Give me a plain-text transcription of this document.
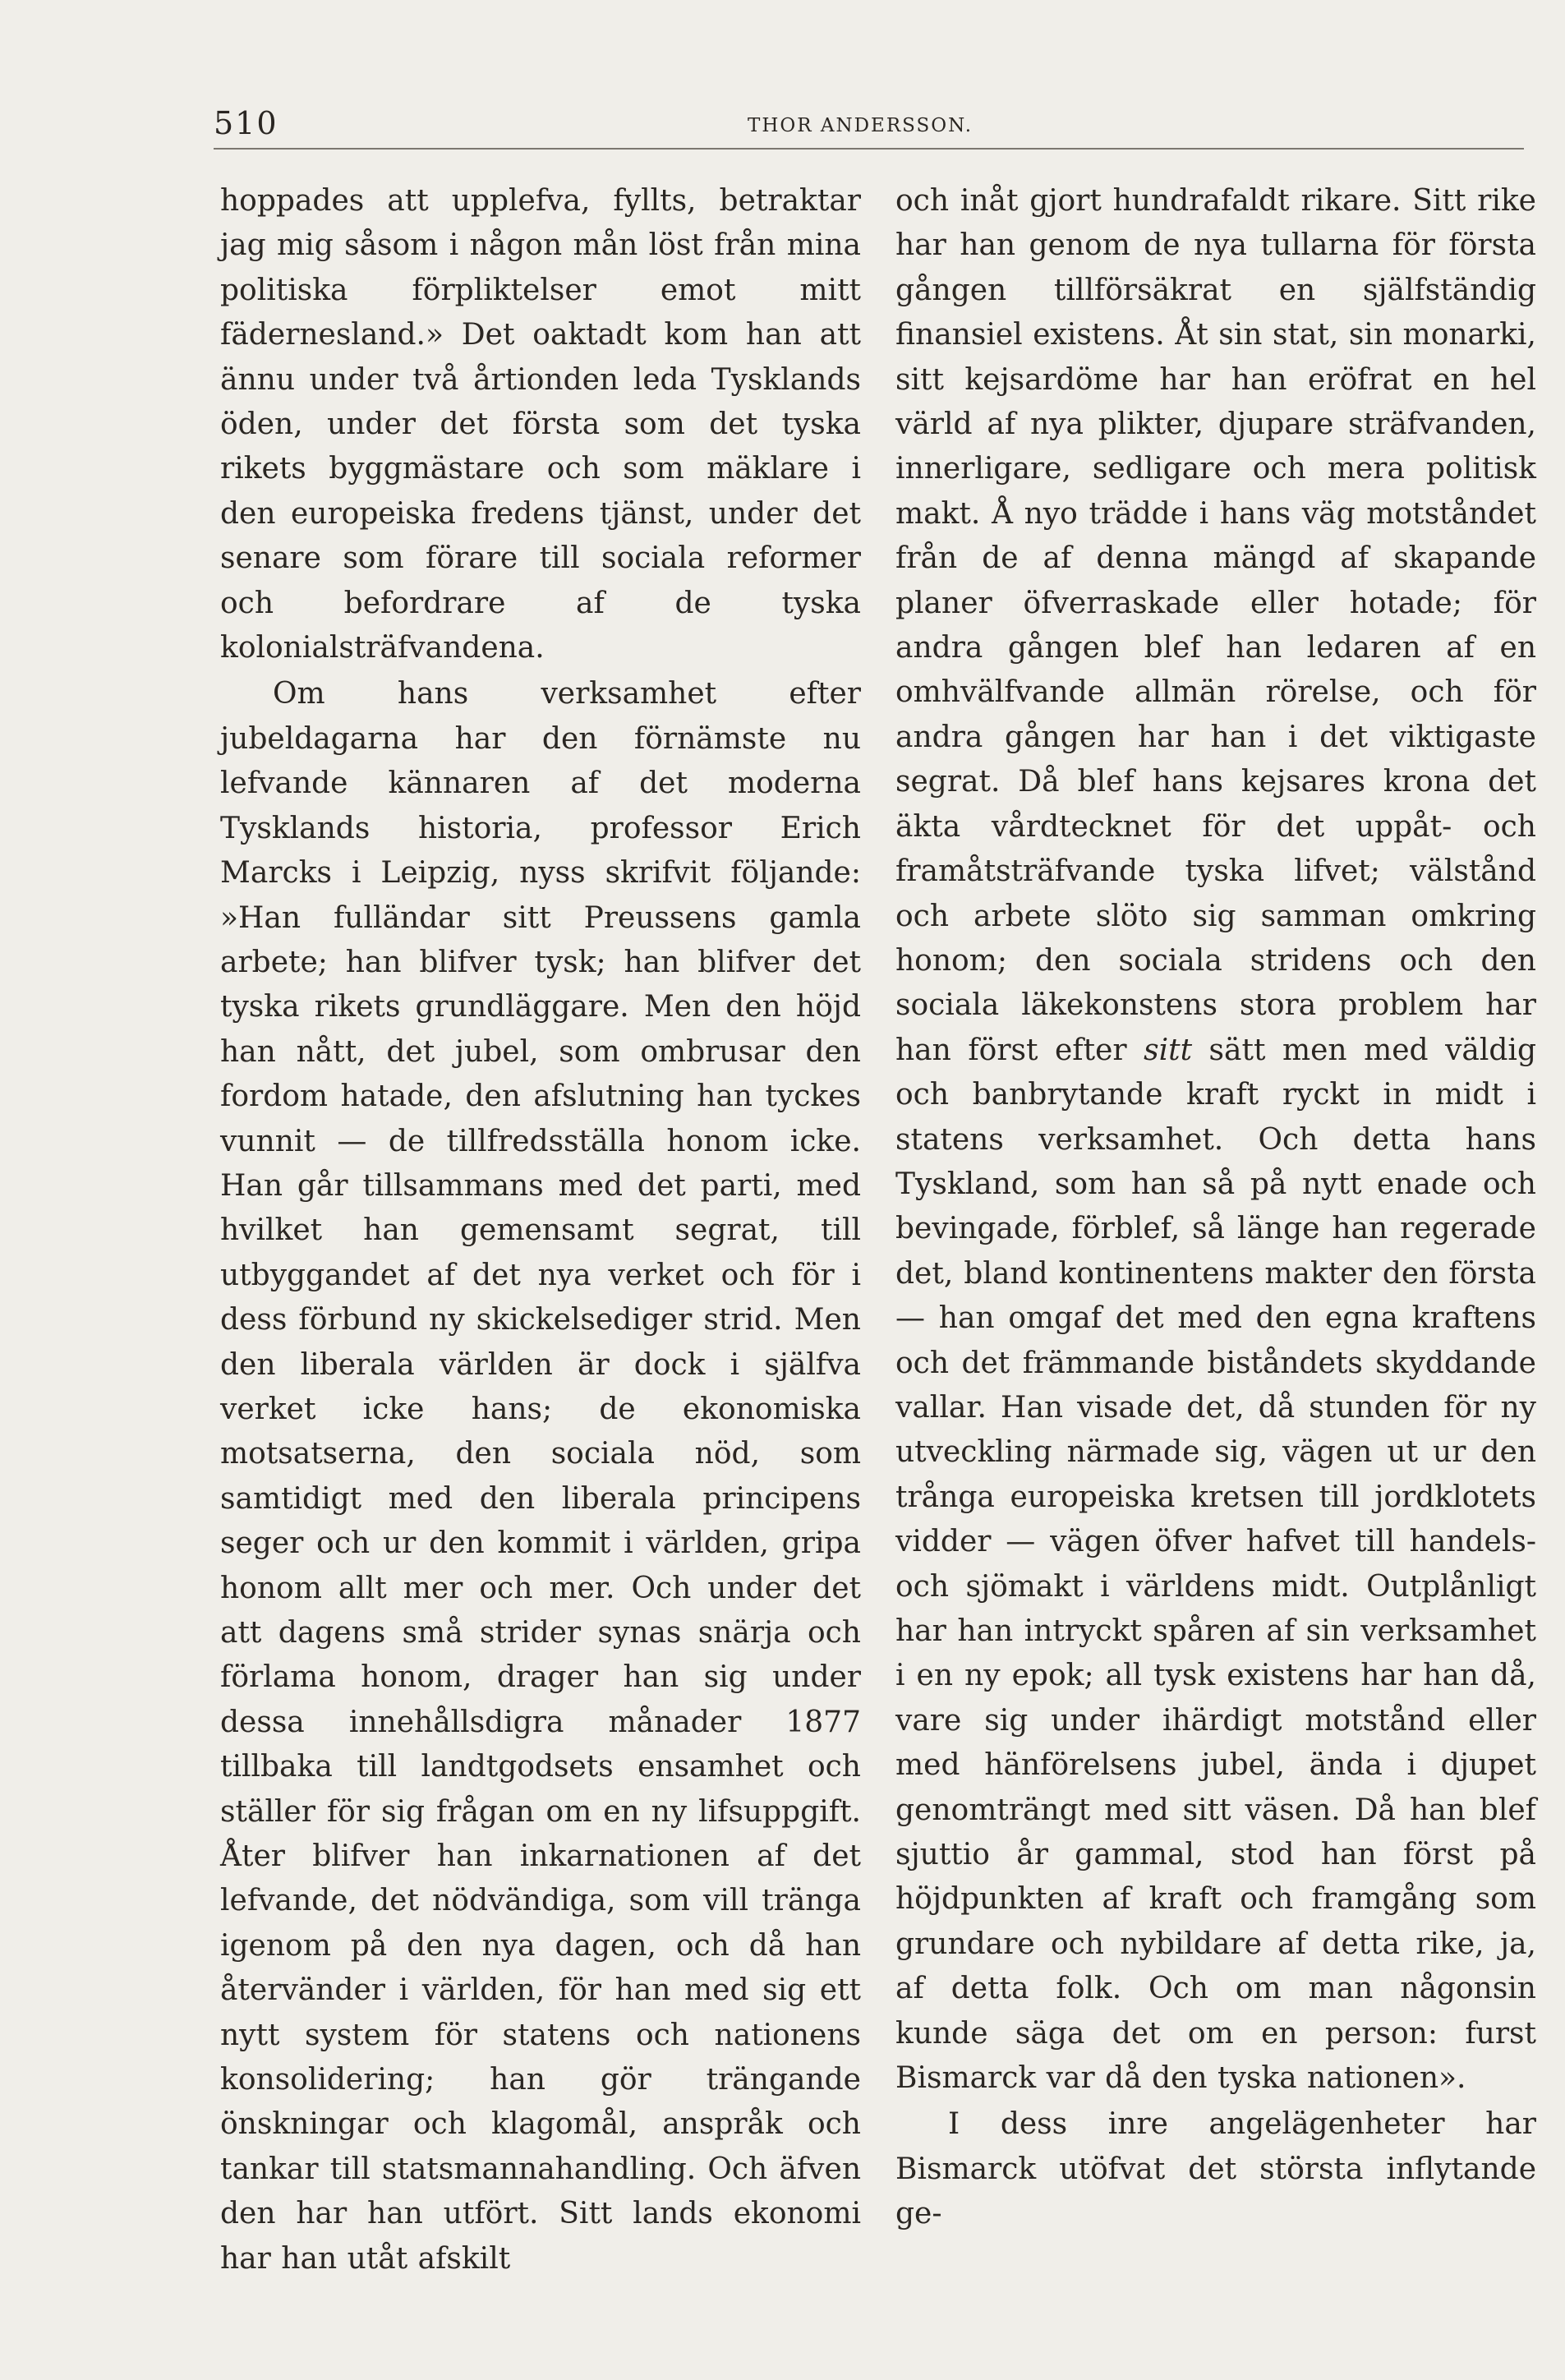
510	THOR ANDERSSON.

hoppades att upplefva, fyllts, betraktar jag mig såsom i någon mån löst från mina politiska förpliktelser emot mitt fädernesland.» Det oaktadt kom han att ännu under två årtionden leda Tysklands öden, under det första som det tyska rikets byggmästare och som mäklare i den europeiska fredens tjänst, under det senare som förare till sociala reformer och befordrare af de tyska kolonialsträfvandena.

Om hans verksamhet efter jubeldagarna har den förnämste nu lefvande kännaren af det moderna Tysklands historia, professor Erich Marcks i Leipzig, nyss skrifvit följande: »Han fulländar sitt Preussens gamla arbete; han blifver tysk; han blifver det tyska rikets grundläggare. Men den höjd han nått, det jubel, som ombrusar den fordom hatade, den afslutning han tyckes vunnit — de tillfredsställa honom icke. Han går tillsammans med det parti, med hvilket han gemensamt segrat, till utbyggandet af det nya verket och för i dess förbund ny skickelsediger strid. Men den liberala världen är dock i själfva verket icke hans; de ekonomiska motsatserna, den sociala nöd, som samtidigt med den liberala principens seger och ur den kommit i världen, gripa honom allt mer och mer. Och under det att dagens små strider synas snärja och förlama honom, drager han sig under dessa innehållsdigra månader 1877 tillbaka till landtgodsets ensamhet och ställer för sig frågan om en ny lifsuppgift. Åter blifver han inkarnationen af det lefvande, det nödvändiga, som vill tränga igenom på den nya dagen, och då han återvänder i världen, för han med sig ett nytt system för statens och nationens konsolidering; han gör trängande önskningar och klagomål, anspråk och tankar till statsmannahandling. Och äfven den har han utfört. Sitt lands ekonomi har han utåt afskilt

och inåt gjort hundrafaldt rikare. Sitt rike har han genom de nya tullarna för första gången tillförsäkrat en själfständig finansiel existens. Åt sin stat, sin monarki, sitt kejsardöme har han eröfrat en hel värld af nya plikter, djupare sträfvanden, innerligare, sedligare och mera politisk makt. Å nyo trädde i hans väg motståndet från de af denna mängd af skapande planer öfverraskade eller hotade; för andra gången blef han ledaren af en omhvälfvande allmän rörelse, och för andra gången har han i det viktigaste segrat. Då blef hans kejsares krona det äkta vårdtecknet för det uppåt- och framåtsträfvande tyska lifvet; välstånd och arbete slöto sig samman omkring honom; den sociala stridens och den sociala läkekonstens stora problem har han först efter sitt sätt men med väldig och banbrytande kraft ryckt in midt i statens verksamhet. Och detta hans Tyskland, som han så på nytt enade och bevingade, förblef, så länge han regerade det, bland kontinentens makter den första — han omgaf det med den egna kraftens och det främmande biståndets skyddande vallar. Han visade det, då stunden för ny utveckling närmade sig, vägen ut ur den trånga europeiska kretsen till jordklotets vidder — vägen öfver hafvet till handels- och sjömakt i världens midt. Outplånligt har han intryckt spåren af sin verksamhet i en ny epok; all tysk existens har han då, vare sig under ihärdigt motstånd eller med hänförelsens jubel, ända i djupet genomträngt med sitt väsen. Då han blef sjuttio år gammal, stod han först på höjdpunkten af kraft och framgång som grundare och nybildare af detta rike, ja, af detta folk. Och om man någonsin kunde säga det om en person: furst Bismarck var då den tyska nationen».

I dess inre angelägenheter har Bismarck utöfvat det största inflytande ge-
